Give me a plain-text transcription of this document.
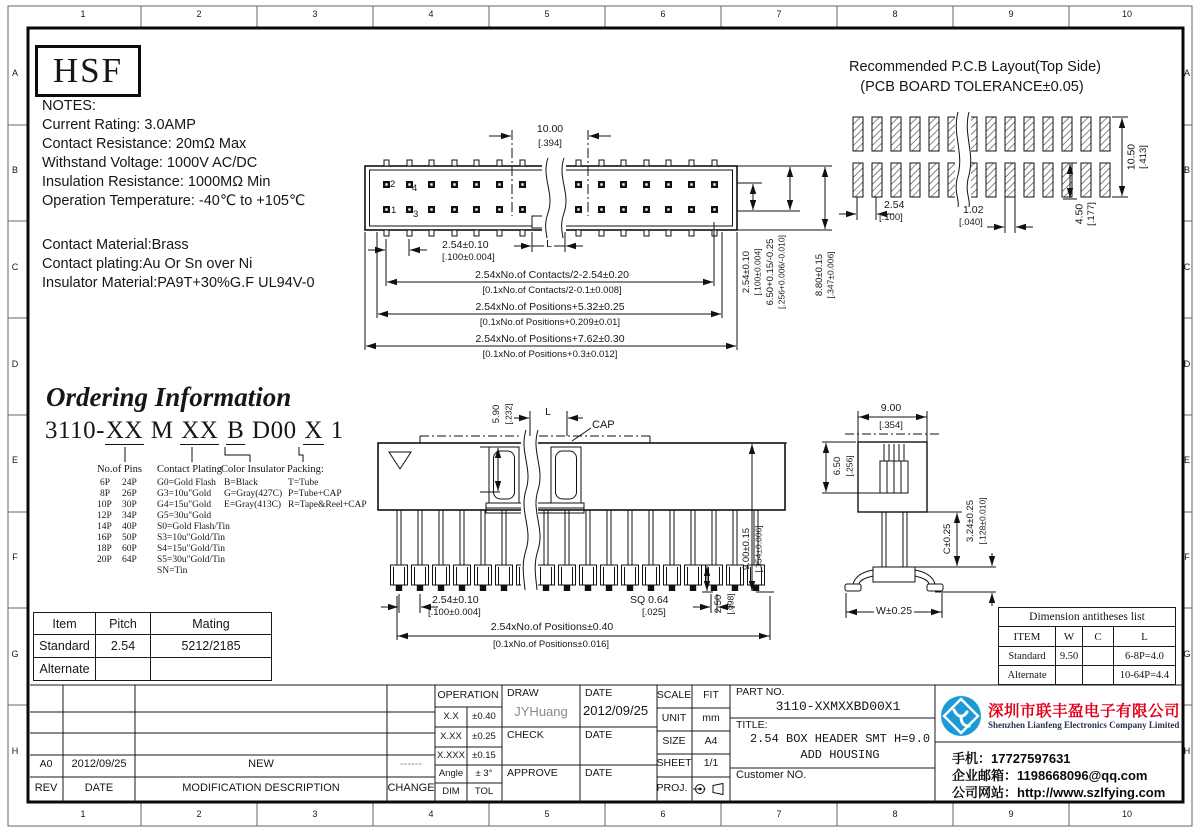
1	2	3	4	5	6	7	8	9	10
1	2	3	4	5	6	7	8	9	10
A
B
C
D
E
F
G
H
A
B
C
D
E
F
G
H
HSF
NOTES:
Current Rating: 3.0AMP
Contact Resistance: 20mΩ Max
Withstand Voltage: 1000V AC/DC
Insulation Resistance: 1000MΩ Min
Operation Temperature: -40℃ to +105℃
Contact Material:Brass
Contact plating:Au Or Sn over Ni
Insulator Material:PA9T+30%G.F UL94V-0
Recommended P.C.B Layout(Top Side)
(PCB BOARD TOLERANCE±0.05)
2.54
[.100]
1.02
[.040]	4.50 [.177]
10.50 [.413]
10.00
[.394]
2 4
1 3
2.54±0.10
[.100±0.004]
L
2.54xNo.of Contacts/2-2.54±0.20
[0.1xNo.of Contacts/2-0.1±0.008]
2.54xNo.of Positions+5.32±0.25
[0.1xNo.of Positions+0.209±0.01]
2.54xNo.of Positions+7.62±0.30
[0.1xNo.of Positions+0.3±0.012]
2.54±0.10 [.100±0.004] 6.50+0.15/-0.25 [.256+0.006/-0.010]	8.80±0.15 [.347±0.006]
Ordering Information
3110-XX M XX B D00 X 1
No.of Pins Contact Plating
Color Insulator Packing:
6P 24P
8P 26P
10P 30P
12P 34P
14P 40P
16P 50P
18P 60P
20P 64P
G0=Gold Flash
G3=10u"Gold
G4=15u"Gold
G5=30u"Gold
S0=Gold Flash/Tin
S3=10u"Gold/Tin
S4=15u"Gold/Tin
S5=30u"Gold/Tin
SN=Tin
B=Black
G=Gray(427C)
E=Gray(413C)
T=Tube
P=Tube+CAP
R=Tape&Reel+CAP
5.90 [.232]	L
CAP
9.00±0.15 [.354±0.006]
2.54±0.10
[.100±0.004]
SQ 0.64
[.025]	2.50 [.098]
2.54xNo.of Positions±0.40
[0.1xNo.of Positions±0.016]
9.00
[.354]
6.50 [.256]
C±0.25 3.24±0.25 [.128±0.010]
W±0.25
Item	Pitch	Mating
Standard	2.54	5212/2185
Alternate		
Dimension antitheses list			
ITEM	W	C	L
Standard	9.50		6-8P=4.0
Alternate			10-64P=4.4
OPERATION
X.X ±0.40
X.XX ±0.25
X.XXX ±0.15
Angle ± 3°
DIM TOL
DRAW
JYHuang
DATE
2012/09/25
CHECK	DATE
APPROVE	DATE
SCALE FIT
UNIT mm
SIZE A4
SHEET 1/1
PROJ.
PART NO.
3110-XXMXXBD00X1
TITLE:
2.54 BOX HEADER SMT H=9.0
ADD HOUSING
Customer NO.
A0 2012/09/25	NEW	------
REV DATE	MODIFICATION DESCRIPTION	CHANGE
深圳市联丰盈电子有限公司
Shenzhen Lianfeng Electronics Company Limited
手机：17727597631
企业邮箱：1198668096@qq.com
公司网站：http://www.szlfying.com
